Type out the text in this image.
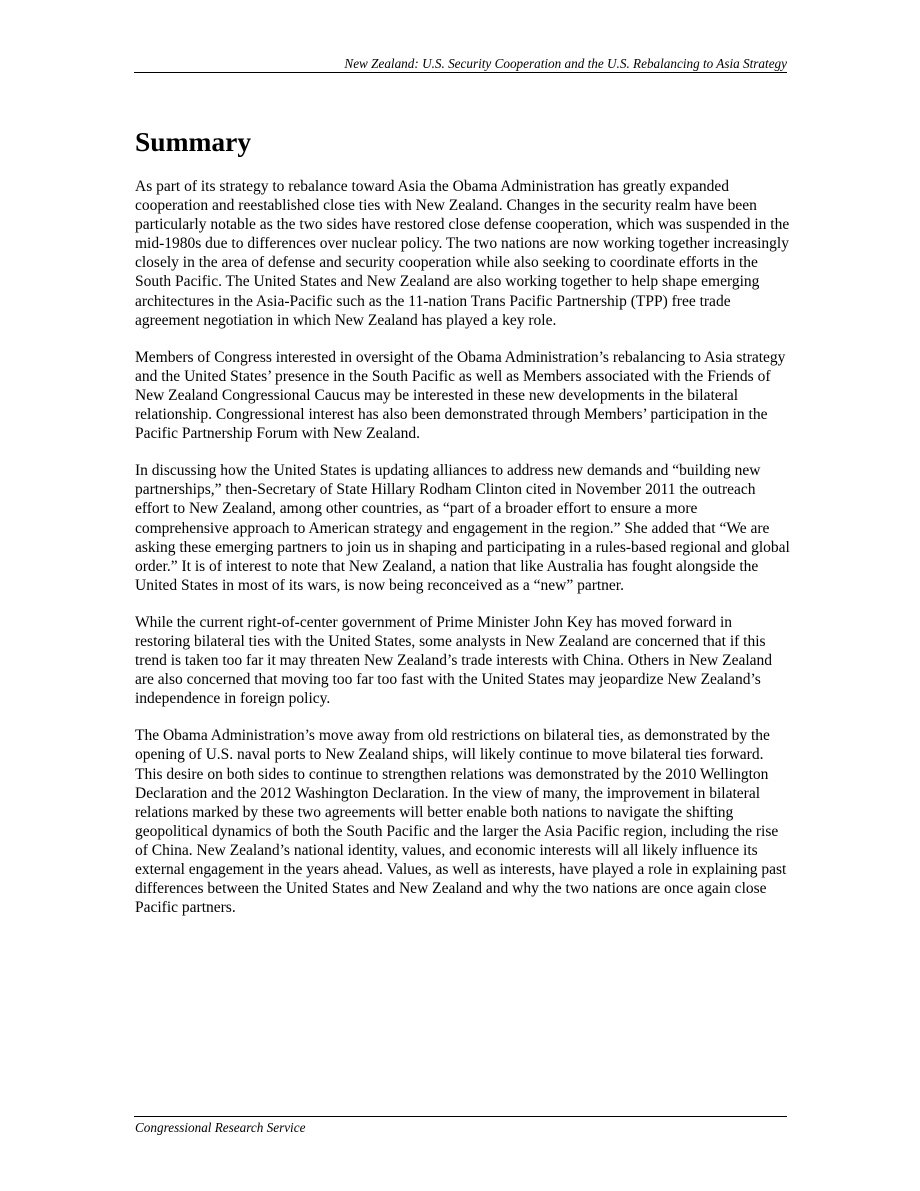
New Zealand: U.S. Security Cooperation and the U.S. Rebalancing to Asia Strategy
Summary

As part of its strategy to rebalance toward Asia the Obama Administration has greatly expanded cooperation and reestablished close ties with New Zealand. Changes in the security realm have been particularly notable as the two sides have restored close defense cooperation, which was suspended in the mid-1980s due to differences over nuclear policy. The two nations are now working together increasingly closely in the area of defense and security cooperation while also seeking to coordinate efforts in the South Pacific. The United States and New Zealand are also working together to help shape emerging architectures in the Asia-Pacific such as the 11-nation Trans Pacific Partnership (TPP) free trade agreement negotiation in which New Zealand has played a key role.

Members of Congress interested in oversight of the Obama Administration’s rebalancing to Asia strategy and the United States’ presence in the South Pacific as well as Members associated with the Friends of New Zealand Congressional Caucus may be interested in these new developments in the bilateral relationship. Congressional interest has also been demonstrated through Members’ participation in the Pacific Partnership Forum with New Zealand.

In discussing how the United States is updating alliances to address new demands and “building new partnerships,” then-Secretary of State Hillary Rodham Clinton cited in November 2011 the outreach effort to New Zealand, among other countries, as “part of a broader effort to ensure a more comprehensive approach to American strategy and engagement in the region.” She added that “We are asking these emerging partners to join us in shaping and participating in a rules-based regional and global order.” It is of interest to note that New Zealand, a nation that like Australia has fought alongside the United States in most of its wars, is now being reconceived as a “new” partner.

While the current right-of-center government of Prime Minister John Key has moved forward in restoring bilateral ties with the United States, some analysts in New Zealand are concerned that if this trend is taken too far it may threaten New Zealand’s trade interests with China. Others in New Zealand are also concerned that moving too far too fast with the United States may jeopardize New Zealand’s independence in foreign policy.

The Obama Administration’s move away from old restrictions on bilateral ties, as demonstrated by the opening of U.S. naval ports to New Zealand ships, will likely continue to move bilateral ties forward. This desire on both sides to continue to strengthen relations was demonstrated by the 2010 Wellington Declaration and the 2012 Washington Declaration. In the view of many, the improvement in bilateral relations marked by these two agreements will better enable both nations to navigate the shifting geopolitical dynamics of both the South Pacific and the larger the Asia Pacific region, including the rise of China. New Zealand’s national identity, values, and economic interests will all likely influence its external engagement in the years ahead. Values, as well as interests, have played a role in explaining past differences between the United States and New Zealand and why the two nations are once again close Pacific partners.

Congressional Research Service
